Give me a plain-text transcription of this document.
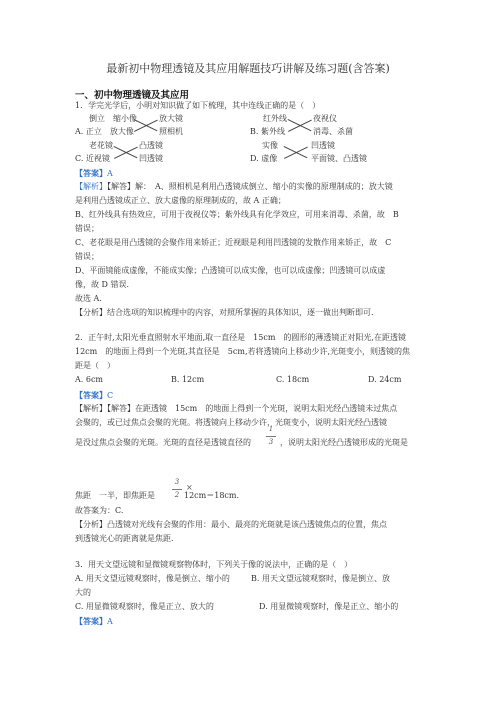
最新初中物理透镜及其应用解题技巧讲解及练习题(含答案)
一、初中物理透镜及其应用
1．学完光学后，小明对知识做了如下梳理，其中连线正确的是（　）
倒立　缩小像	放大镜
A. 正立　放大像	照相机
红外线	夜视仪
B. 紫外线	消毒、杀菌
老花镜	凸透镜
C. 近视镜	凹透镜
实像	凹透镜
D. 虚像	平面镜、凸透镜
【答案】A
【解析】【解答】解：　A、照相机是利用凸透镜成倒立、缩小的实像的原理制成的；放大镜
是利用凸透镜成正立、放大虚像的原理制成的，故 A 正确；
B、红外线具有热效应，可用于夜视仪等；紫外线具有化学效应，可用来消毒、杀菌，故　B
错误；
C、老花眼是用凸透镜的会聚作用来矫正；近视眼是利用凹透镜的发散作用来矫正，故　C
错误；
D、平面镜能成虚像，不能成实像；凸透镜可以成实像，也可以成虚像；凹透镜可以成虚
像，故 D 错误．
故选 A．
【分析】结合选项的知识梳理中的内容，对照所掌握的具体知识，逐一做出判断即可．
2．正午时,太阳光垂直照射水平地面,取一直径是　15cm　的圆形的薄透镜正对阳光,在距透镜
12cm　的地面上得到一个光斑,其直径是　5cm,若将透镜向上移动少许,光斑变小，则透镜的焦
距是（　）
A. 6cm	B. 12cm	C. 18cm	D. 24cm
【答案】C
【解析】【解答】在距透镜　15cm　的地面上得到一个光斑，说明太阳光经凸透镜未过焦点
会聚的，或已过焦点会聚的光斑。将透镜向上移动少许，光斑变小，说明太阳光经凸透镜
是没过焦点会聚的光斑。光斑的直径是透镜直径的
1
3 ，说明太阳光经凸透镜形成的光斑是
焦距　一半，即焦距是
3
2
×
12cm＝18cm.
故答案为：C.
【分析】凸透镜对光线有会聚的作用：最小、最亮的光斑就是该凸透镜焦点的位置，焦点
到透镜光心的距离就是焦距.
3．用天文望远镜和显微镜观察物体时，下列关于像的说法中，正确的是（　）
A. 用天文望远镜观察时，像是倒立、缩小的	B. 用天文望远镜观察时，像是倒立、放
大的
C. 用显微镜观察时，像是正立、放大的	D. 用显微镜观察时，像是正立、缩小的
【答案】A
